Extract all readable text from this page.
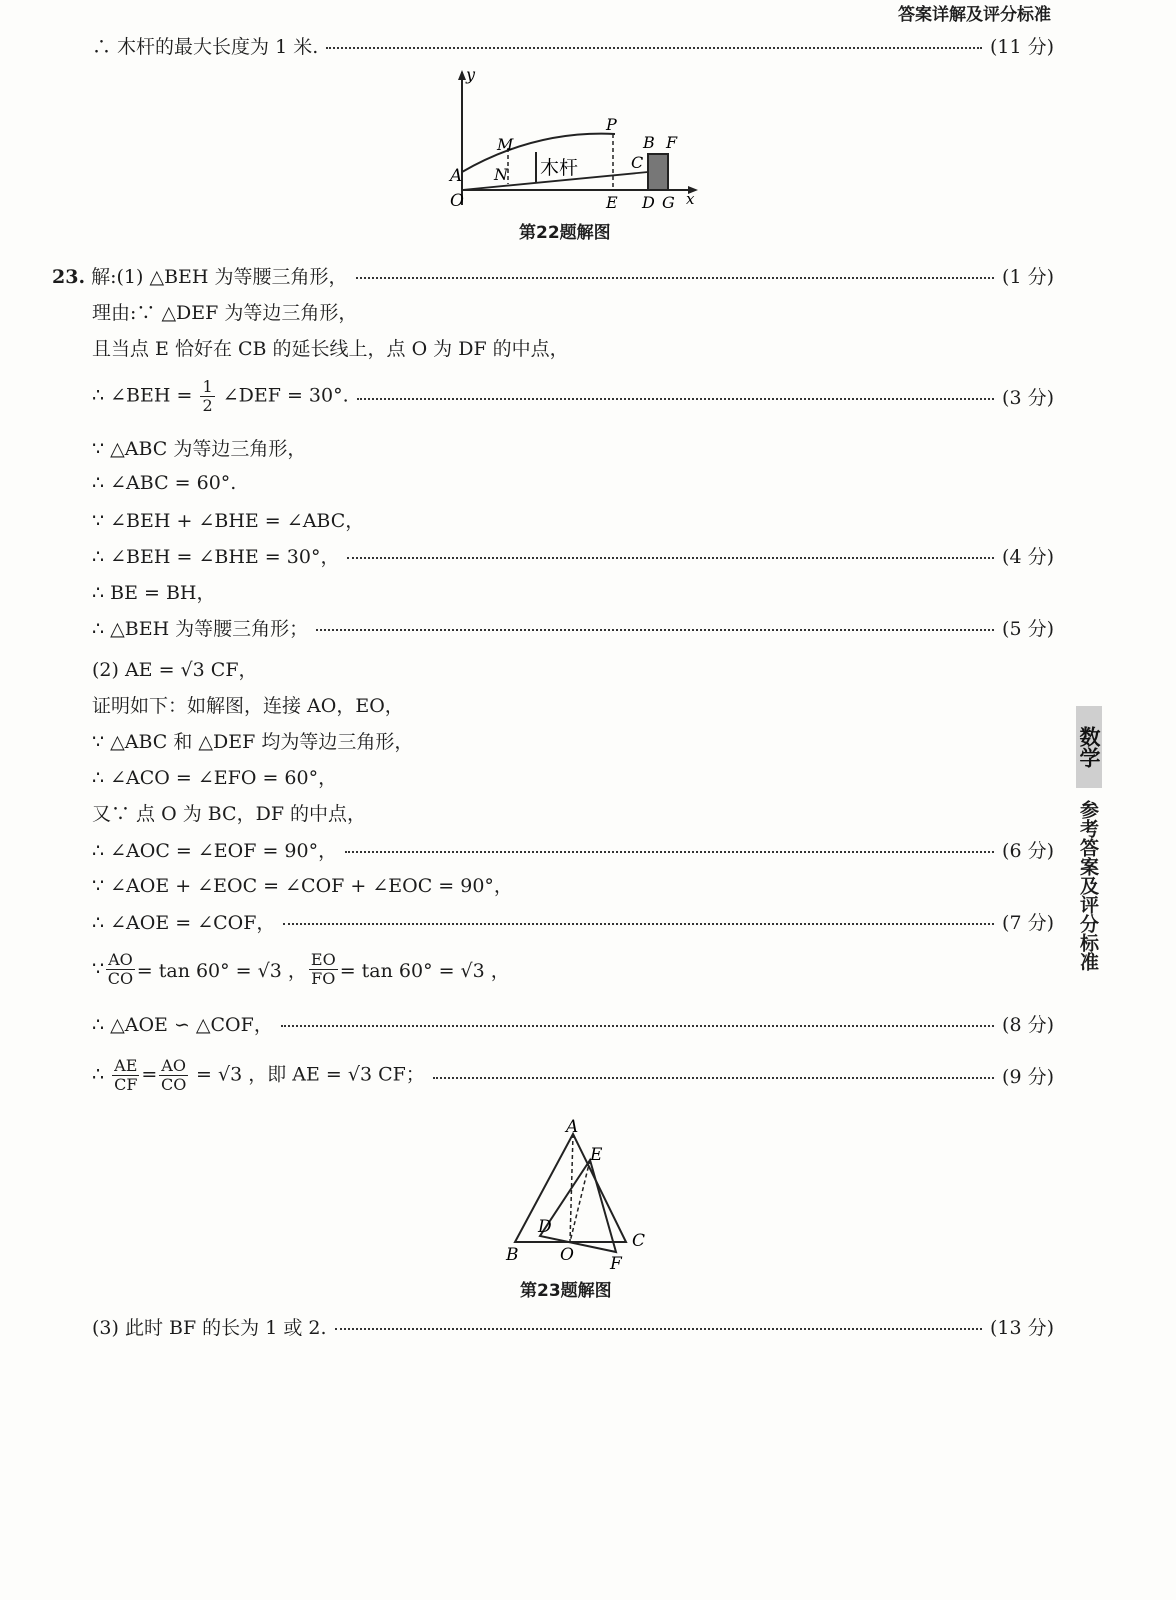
答案详解及评分标准
∴ 木杆的最大长度为 1 米.	(11 分)
y
x
O
A
M
N 木杆
P
B F
C
E D G
第22题解图
23. 解:(1) △BEH 为等腰三角形，	(1 分)
理由:∵ △DEF 为等边三角形，
且当点 E 恰好在 CB 的延长线上，点 O 为 DF 的中点，
∴ ∠BEH = $\frac{1}{2}$ ∠DEF = 30°.	(3 分)
∵ △ABC 为等边三角形，
∴ ∠ABC = 60°.
∵ ∠BEH + ∠BHE = ∠ABC，
∴ ∠BEH = ∠BHE = 30°，	(4 分)
∴ BE = BH，
∴ △BEH 为等腰三角形；	(5 分)
(2) AE = √3 CF，
证明如下：如解图，连接 AO，EO，
∵ △ABC 和 △DEF 均为等边三角形，
∴ ∠ACO = ∠EFO = 60°，
又∵ 点 O 为 BC，DF 的中点，
∴ ∠AOC = ∠EOF = 90°，	(6 分)
∵ ∠AOE + ∠EOC = ∠COF + ∠EOC = 90°，
∴ ∠AOE = ∠COF，	(7 分)
∵ $\frac{AO}{CO} = \tan 60^\circ = √3$ ， $\frac{EO}{FO} = \tan 60^\circ = √3$ ，
∴ △AOE ∽ △COF，	(8 分)
∴ $\frac{AE}{CF} = \frac{AO}{CO} = √3$ ，即 AE = √3 CF；	(9 分)
A
E
D
B O F
C
第23题解图
(3) 此时 BF 的长为 1 或 2.	(13 分)
数学
参考答案及评分标准
